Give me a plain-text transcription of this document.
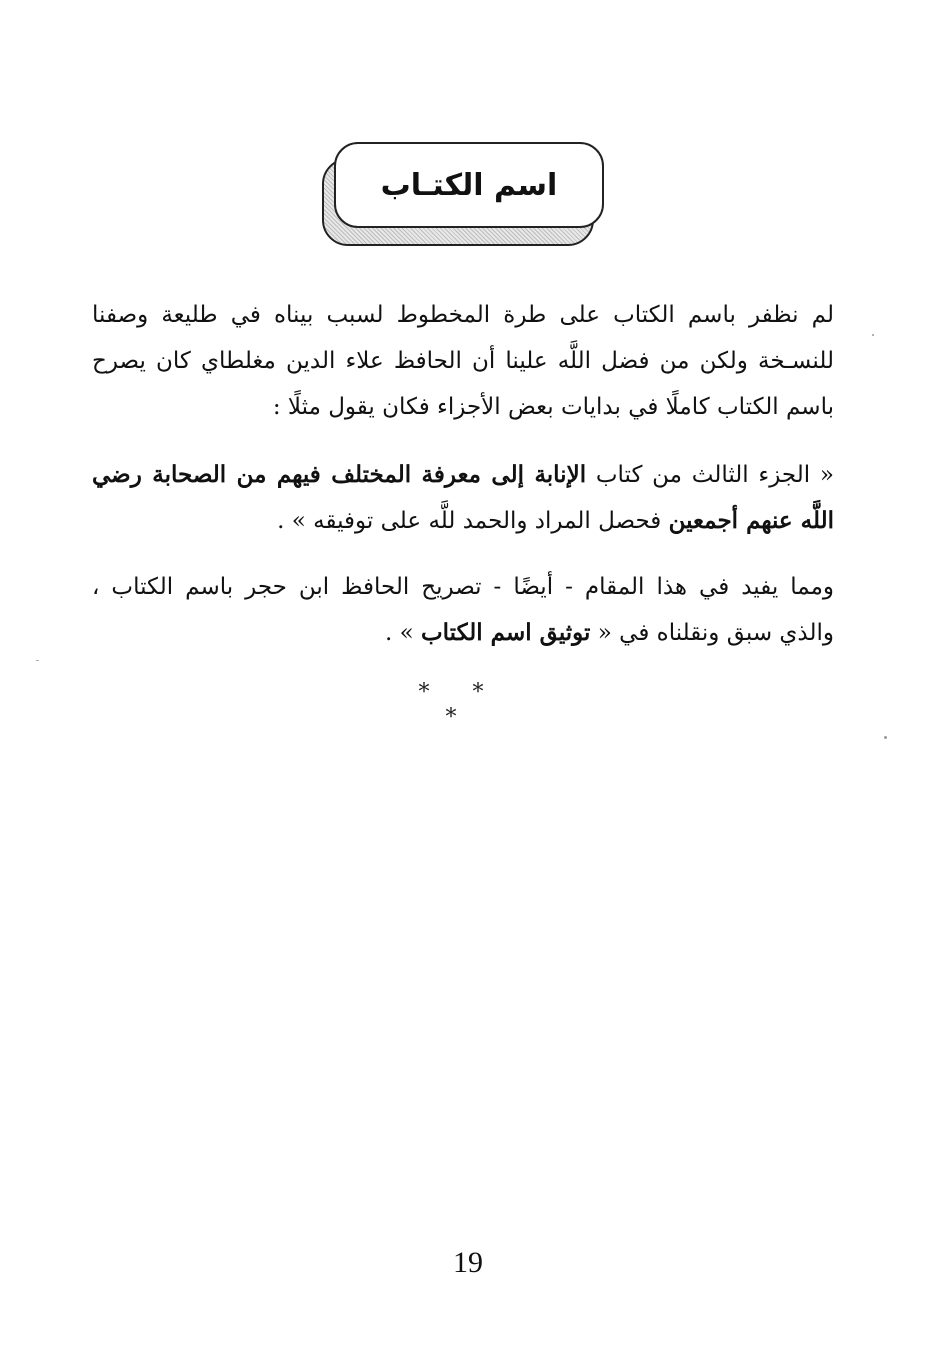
اسم الكتـاب
لم نظفر باسم الكتاب على طرة المخطوط لسبب بيناه في طليعة وصفنا
للنسـخة ولكن من فضل اللَّه علينا أن الحافظ علاء الدين مغلطاي كان يصرح
باسم الكتاب كاملًا في بدايات بعض الأجزاء فكان يقول مثلًا :
« الجزء الثالث من كتاب الإنابة إلى معرفة المختلف فيهم من الصحابة رضي
اللَّه عنهم أجمعين فحصل المراد والحمد للَّه على توفيقه » .
ومما يفيد في هذا المقام - أيضًا - تصريح الحافظ ابن حجر باسم الكتاب ،
والذي سبق ونقلناه في « توثيق اسم الكتاب » .
* * *
19
